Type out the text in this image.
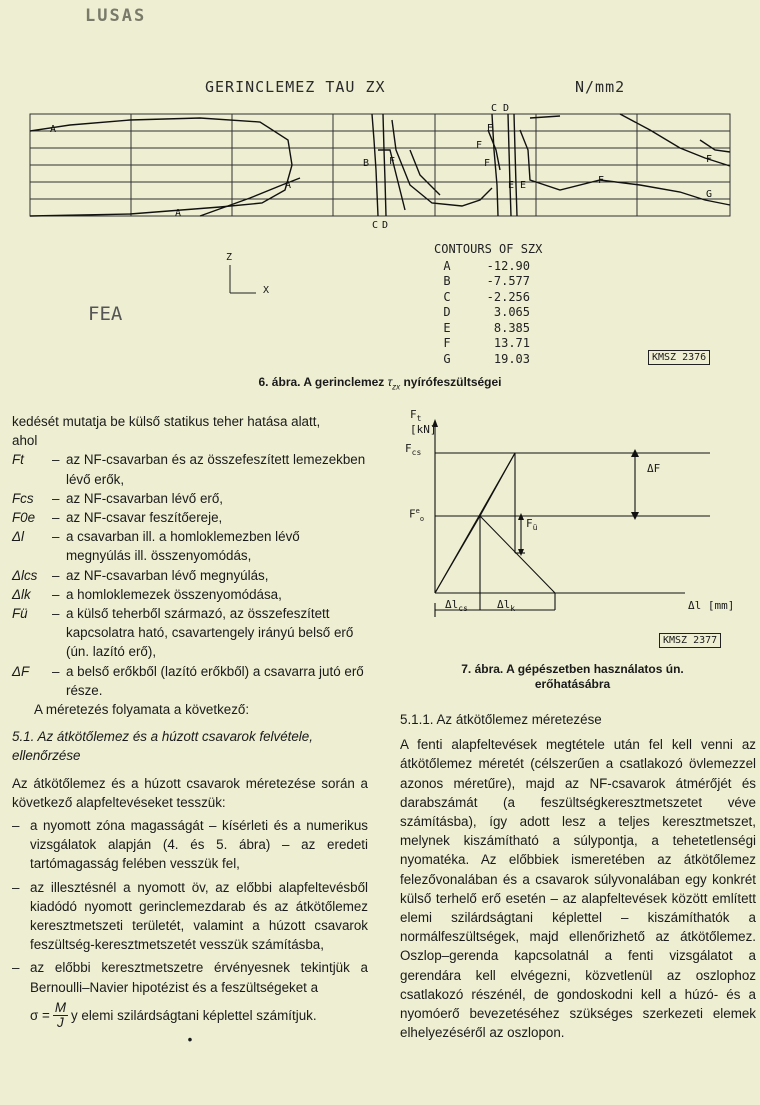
LUSAS
GERINCLEMEZ TAU ZX	N/mm2
A
A
A
B F
C D
C D
E
F
F
E E	F
G
F
Z
X
FEA
CONTOURS OF SZX
A	-12.90
B	-7.577
C	-2.256
D	3.065
E	8.385
F	13.71
G	19.03	KMSZ 2376
6. ábra. A gerinclemez $\tau_{zx}$ nyírófeszültségei
$F_t$
[kN]
$F_{cs}$
$F^e_o$	$F_ü$
ΔF
$\Delta l_{cs}$	$\Delta l_k$	Δl [mm]
KMSZ 2377
7. ábra. A gépészetben használatos ún.
erőhatásábra
kedését mutatja be külső statikus teher hatása alatt,
ahol
Ft	– az NF-csavarban és az összefeszített lemezekben lévő erők,
Fcs	– az NF-csavarban lévő erő,
F0e	– az NF-csavar feszítőereje,
Δl	– a csavarban ill. a homloklemezben lévő megnyúlás ill. összenyomódás,
Δlcs	– az NF-csavarban lévő megnyúlás,
Δlk	– a homloklemezek összenyomódása,
Fü	– a külső teherből származó, az összefeszített kapcsolatra ható, csavartengely irányú belső erő (ún. lazító erő),
ΔF	– a belső erőkből (lazító erőkből) a csavarra jutó erő része.
A méretezés folyamata a következő:
5.1. Az átkötőlemez és a húzott csavarok felvétele, ellenőrzése
Az átkötőlemez és a húzott csavarok méretezése során a következő alapfeltevéseket tesszük:
– a nyomott zóna magasságát – kísérleti és a numerikus vizsgálatok alapján (4. és 5. ábra) – az eredeti tartómagasság felében vesszük fel,
– az illesztésnél a nyomott öv, az előbbi alapfeltevésből kiadódó nyomott gerinclemezdarab és az átkötőlemez keresztmetszeti területét, valamint a húzott csavarok feszültség-keresztmetszetét vesszük számításba,
– az előbbi keresztmetszetre érvényesnek tekintjük a Bernoulli–Navier hipotézist és a feszültségeket a
$\sigma = \frac{M}{J}$ y elemi szilárdságtani képlettel számítjuk.
•
5.1.1. Az átkötőlemez méretezése
A fenti alapfeltevések megtétele után fel kell venni az átkötőlemez méretét (célszerűen a csatlakozó övlemezzel azonos méretűre), majd az NF-csavarok átmérőjét és darabszámát (a feszültségkeresztmetszetet véve számításba), így adott lesz a teljes keresztmetszet, melynek kiszámítható a súlypontja, a tehetetlenségi nyomatéka. Az előbbiek ismeretében az átkötőlemez felezővonalában és a csavarok súlyvonalában egy konkrét külső terhelő erő esetén – az alapfeltevések között említett elemi szilárdságtani képlettel – kiszámíthatók a normálfeszültségek, majd ellenőrizhető az átkötőlemez. Oszlop–gerenda kapcsolatnál a fenti vizsgálatot a gerendára kell elvégezni, közvetlenül az oszlophoz csatlakozó részénél, de gondoskodni kell a húzó- és a nyomóerő bevezetéséhez szükséges szerkezeti elemek elhelyezéséről az oszlopon.
